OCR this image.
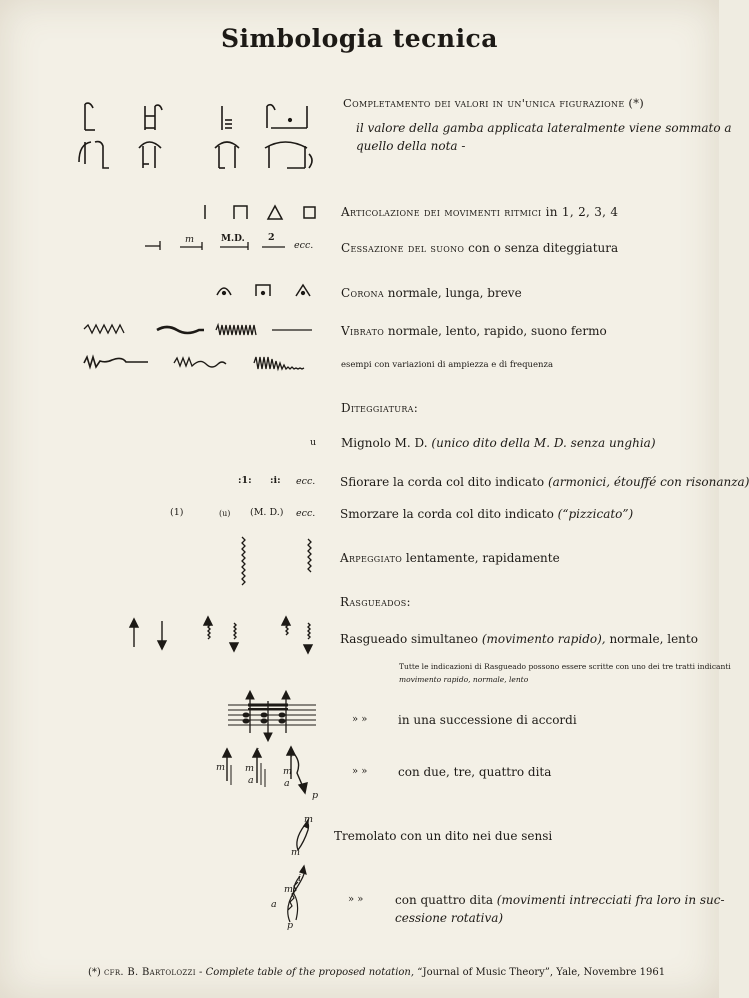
Simbologia tecnica
Completamento dei valori in un'unica figurazione (*)
il valore della gamba applicata lateralmente viene sommato a
quello della nota -
Articolazione dei movimenti ritmici in 1, 2, 3, 4
m	M.D. 2
ecc. Cessazione del suono con o senza diteggiatura
Corona normale, lunga, breve
Vibrato normale, lento, rapido, suono fermo
esempi con variazioni di ampiezza e di frequenza
Diteggiatura:
u Mignolo M. D. (unico dito della M. D. senza unghia)
:1: :i: ecc. Sfiorare la corda col dito indicato (armonici, étouffé con risonanza)
(1)	(u) (M. D.) ecc. Smorzare la corda col dito indicato (“pizzicato”)
Arpeggiato lentamente, rapidamente
Rasgueados:
Rasgueado simultaneo (movimento rapido), normale, lento
Tutte le indicazioni di Rasgueado possono essere scritte con uno dei tre tratti indicanti
movimento rapido, normale, lento
» »	in una successione di accordi
i
m
i
m
a
i
m
a
p
» »	con due, tre, quattro dita
m
m
Tremolato con un dito nei due sensi
i
m
a
p
» »	con quattro dita (movimenti intrecciati fra loro in suc-
cessione rotativa)
(*) cfr. B. Bartolozzi - Complete table of the proposed notation, “Journal of Music Theory”, Yale, Novembre 1961
